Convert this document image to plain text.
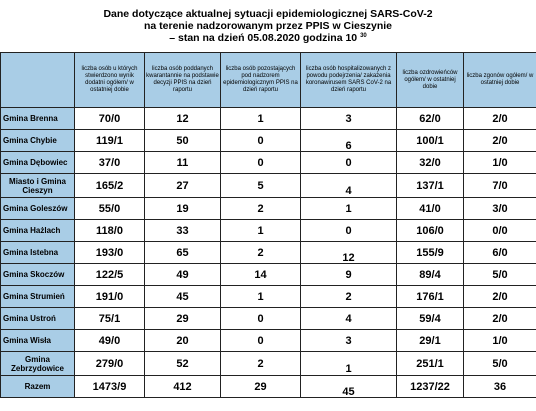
Dane dotyczące aktualnej sytuacji epidemiologicznej SARS-CoV-2
na terenie nadzorowanym przez PPIS w Cieszynie
– stan na dzień 05.08.2020 godzina 10 $^{30}$
	liczba osób u których stwierdzono wynik dodatni ogółem/ w ostatniej dobie	liczba osób poddanych kwarantannie na podstawie decyzji PPIS na dzień raportu	liczba osób pozostających pod nadzorem epidemiologicznym PPIS na dzień raportu	liczba osób hospitalizowanych z powodu podejrzenia/ zakażenia koronawirusem SARS CoV-2 na dzień raportu	liczba ozdrowieńców ogółem/ w ostatniej dobie	liczba zgonów ogółem/ w ostatniej dobie
Gmina Brenna	70/0	12	1	3	62/0	2/0
Gmina Chybie	119/1	50	0	6	100/1	2/0
Gmina Dębowiec	37/0	11	0	0	32/0	1/0
Miasto i Gmina Cieszyn	165/2	27	5	4	137/1	7/0
Gmina Goleszów	55/0	19	2	1	41/0	3/0
Gmina Hażlach	118/0	33	1	0	106/0	0/0
Gmina Istebna	193/0	65	2	12	155/9	6/0
Gmina Skoczów	122/5	49	14	9	89/4	5/0
Gmina Strumień	191/0	45	1	2	176/1	2/0
Gmina Ustroń	75/1	29	0	4	59/4	2/0
Gmina Wisła	49/0	20	0	3	29/1	1/0
Gmina Zebrzydowice	279/0	52	2	1	251/1	5/0
Razem	1473/9	412	29	45	1237/22	36
